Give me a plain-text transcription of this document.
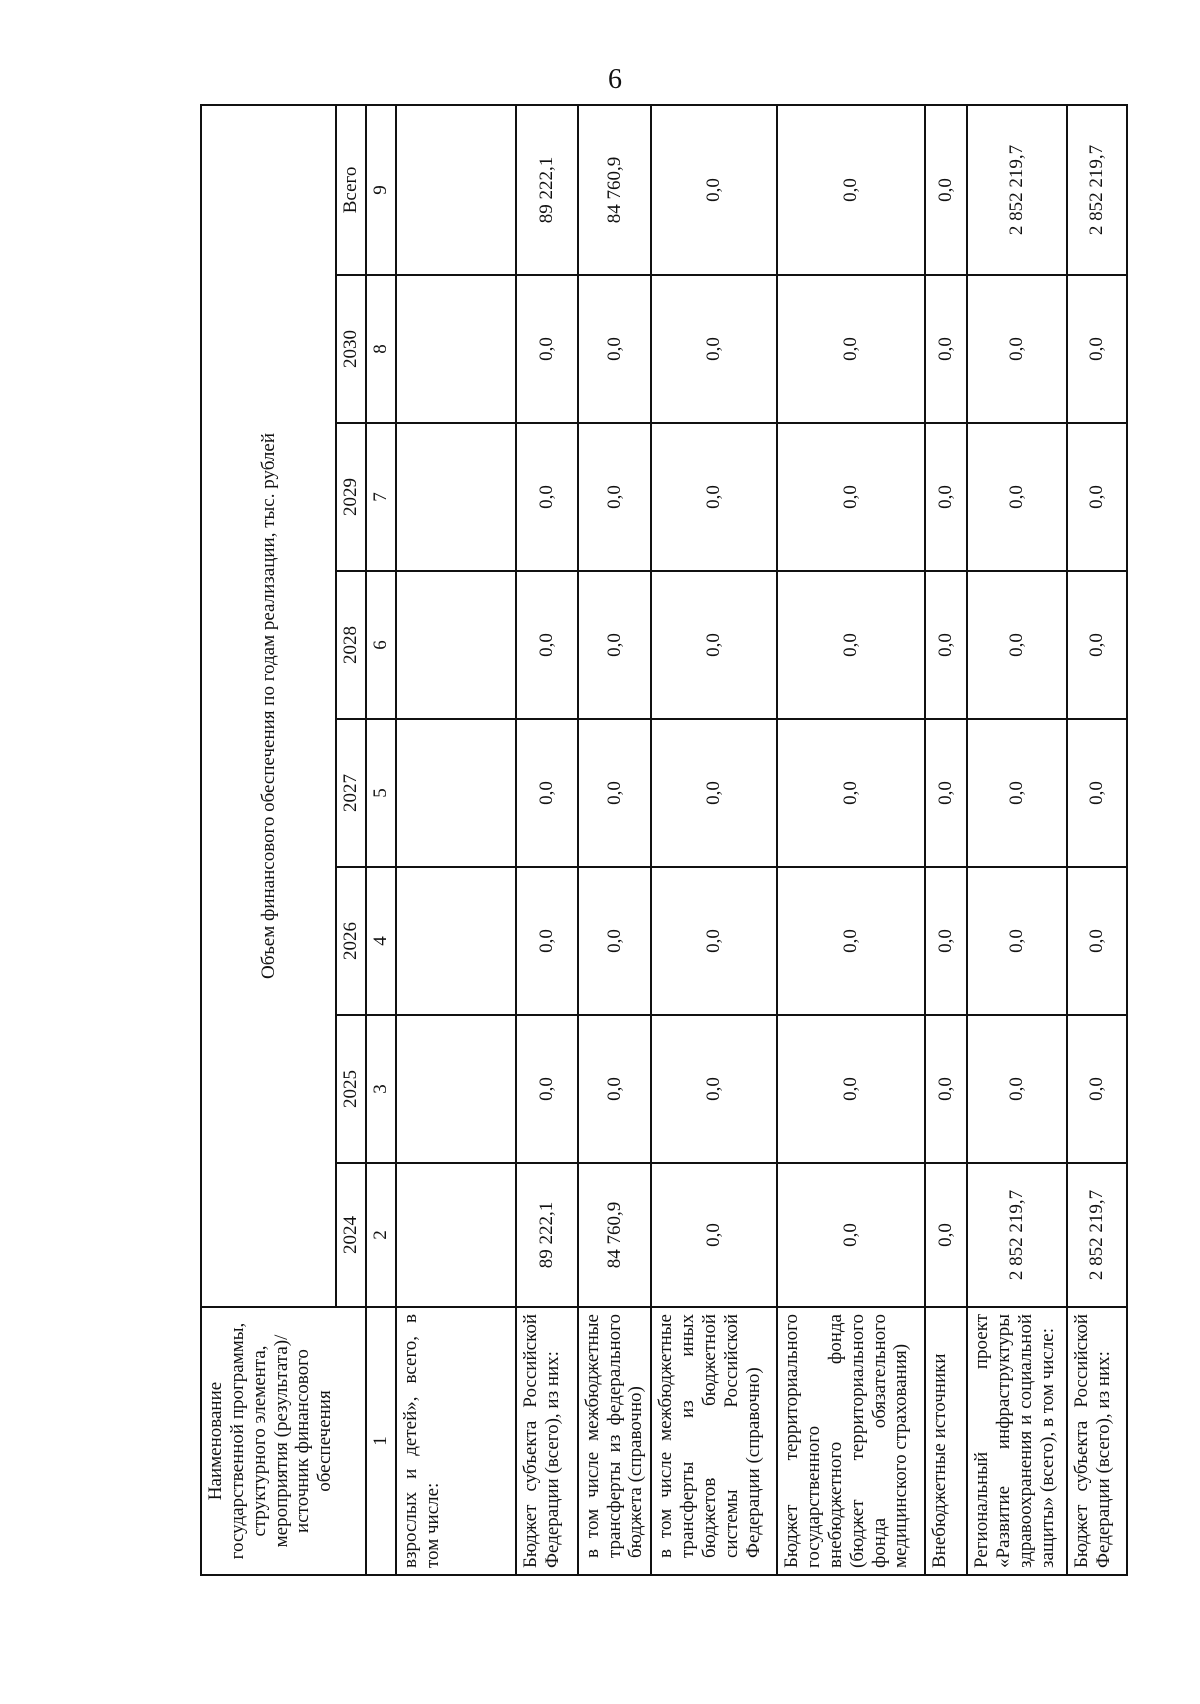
6
Наименование государственной программы, структурного элемента, мероприятия (результата)/источник финансового обеспечения	Объем финансового обеспечения по годам реализации, тыс. рублей							
	2024	2025	2026	2027	2028	2029	2030	Всего
1	2	3	4	5	6	7	8	9
взрослых и детей», всего, в том числе:								
Бюджет субъекта Российской Федерации (всего), из них:	89 222,1	0,0	0,0	0,0	0,0	0,0	0,0	89 222,1
в том числе межбюджетные трансферты из федерального бюджета (справочно)	84 760,9	0,0	0,0	0,0	0,0	0,0	0,0	84 760,9
в том числе межбюджетные трансферты из иных бюджетов бюджетной системы Российской Федерации (справочно)	0,0	0,0	0,0	0,0	0,0	0,0	0,0	0,0
Бюджет территориального государственного внебюджетного фонда (бюджет территориального фонда обязательного медицинского страхования)	0,0	0,0	0,0	0,0	0,0	0,0	0,0	0,0
Внебюджетные источники	0,0	0,0	0,0	0,0	0,0	0,0	0,0	0,0
Региональный проект «Развитие инфраструктуры здравоохранения и социальной защиты» (всего), в том числе:	2 852 219,7	0,0	0,0	0,0	0,0	0,0	0,0	2 852 219,7
Бюджет субъекта Российской Федерации (всего), из них:	2 852 219,7	0,0	0,0	0,0	0,0	0,0	0,0	2 852 219,7
